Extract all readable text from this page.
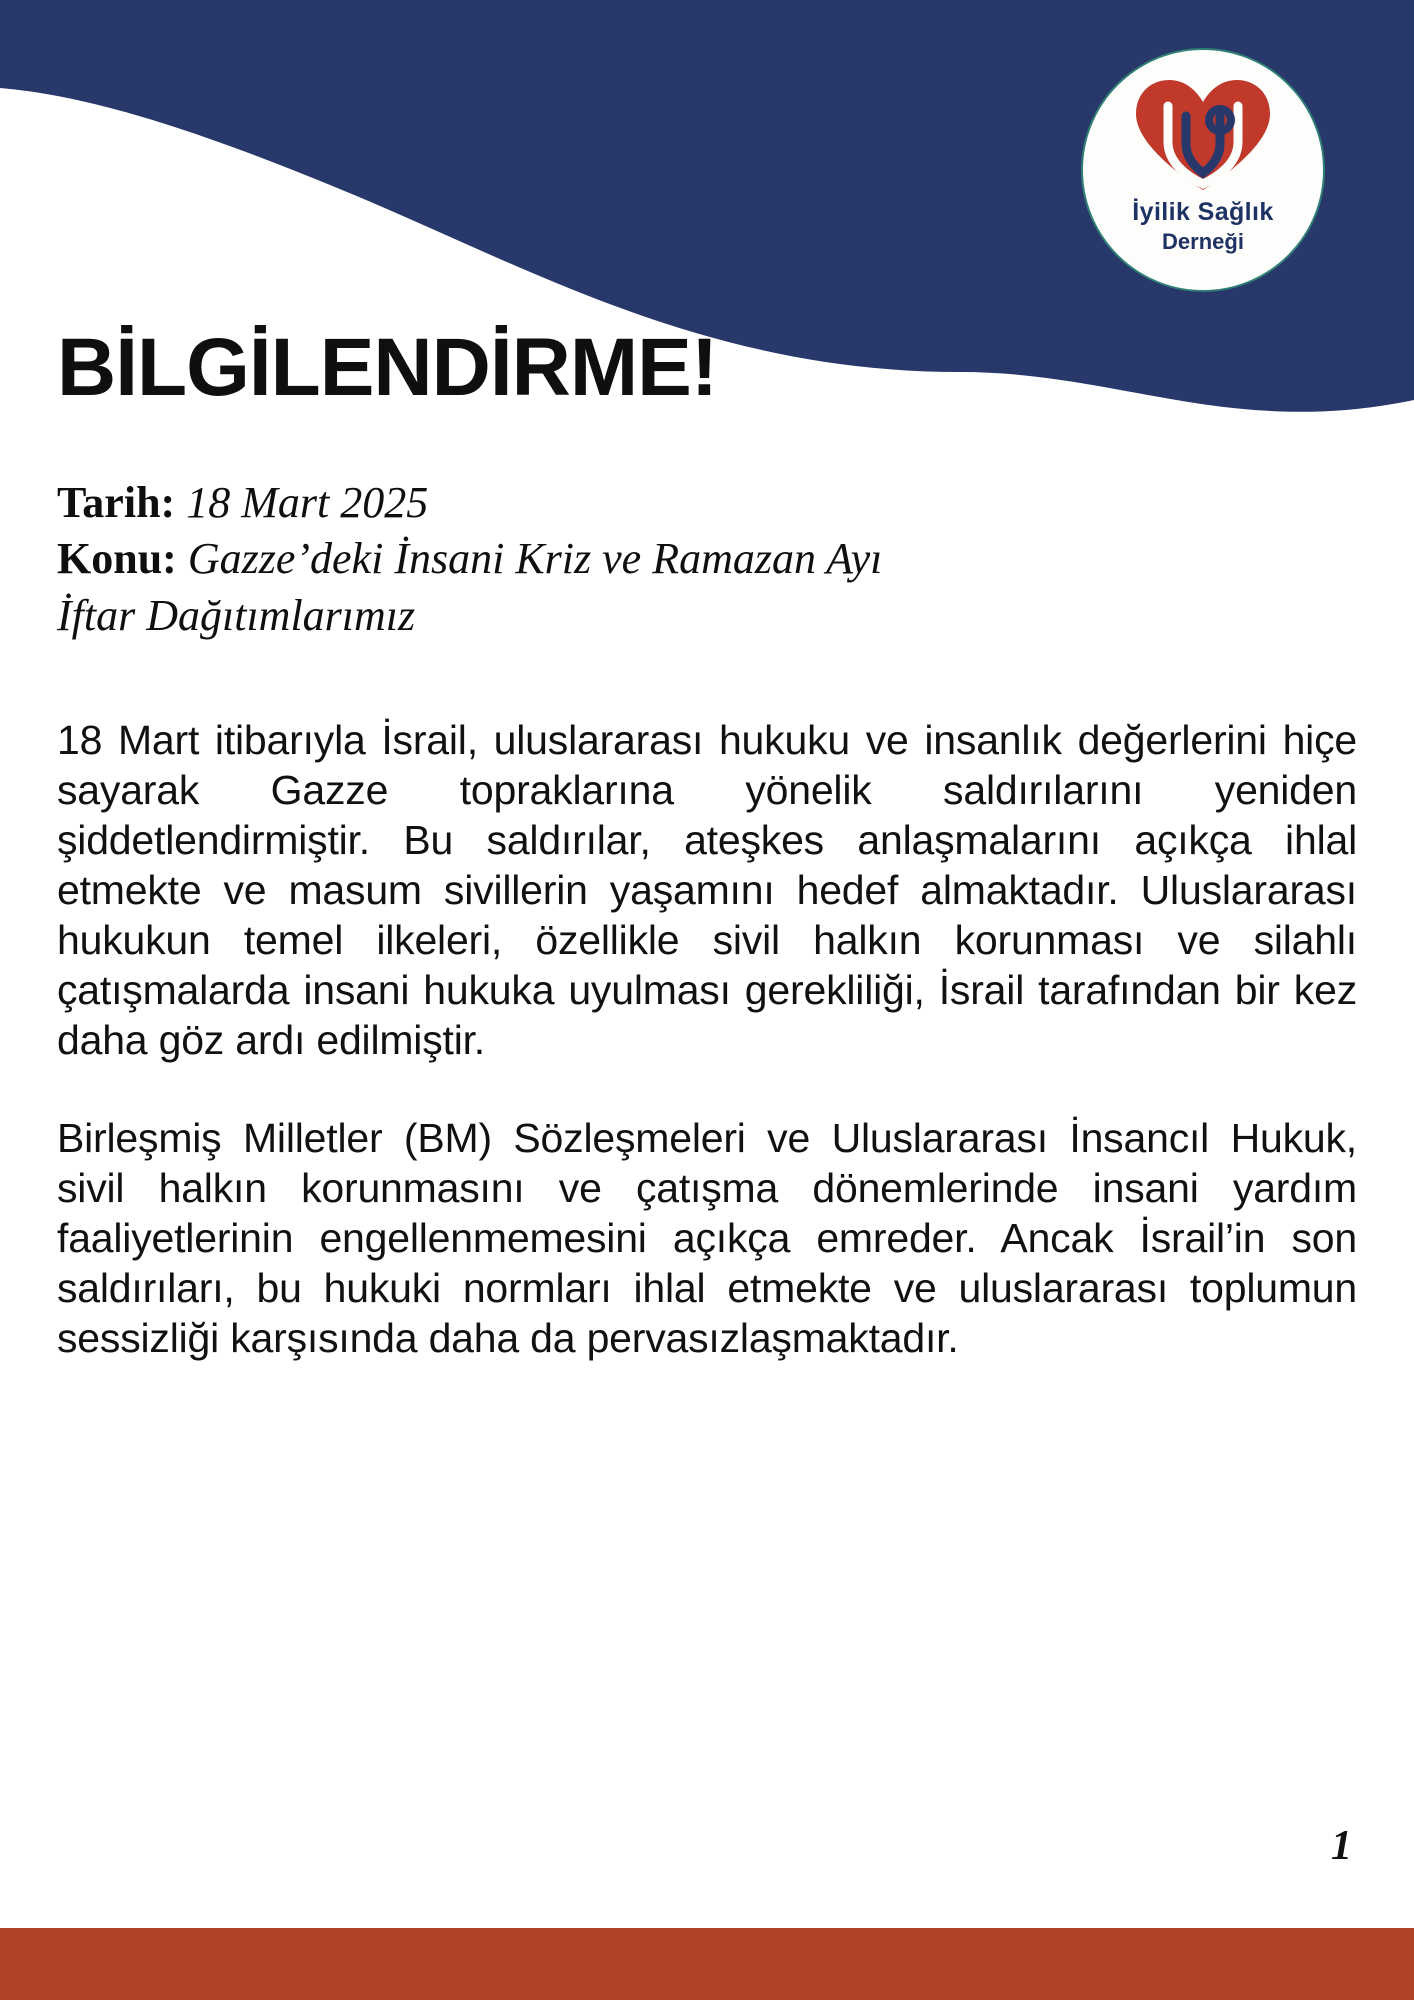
İyilik Sağlık
Derneği
BİLGİLENDİRME!
Tarih: 18 Mart 2025
Konu: Gazze’deki İnsani Kriz ve Ramazan Ayı
İftar Dağıtımlarımız

18 Mart itibarıyla İsrail, uluslararası hukuku ve insanlık değerlerini hiçe sayarak Gazze topraklarına yönelik saldırılarını yeniden şiddetlendirmiştir. Bu saldırılar, ateşkes anlaşmalarını açıkça ihlal etmekte ve masum sivillerin yaşamını hedef almaktadır. Uluslararası hukukun temel ilkeleri, özellikle sivil halkın korunması ve silahlı çatışmalarda insani hukuka uyulması gerekliliği, İsrail tarafından bir kez daha göz ardı edilmiştir.

Birleşmiş Milletler (BM) Sözleşmeleri ve Uluslararası İnsancıl Hukuk, sivil halkın korunmasını ve çatışma dönemlerinde insani yardım faaliyetlerinin engellenmemesini açıkça emreder. Ancak İsrail’in son saldırıları, bu hukuki normları ihlal etmekte ve uluslararası toplumun sessizliği karşısında daha da pervasızlaşmaktadır.

1
